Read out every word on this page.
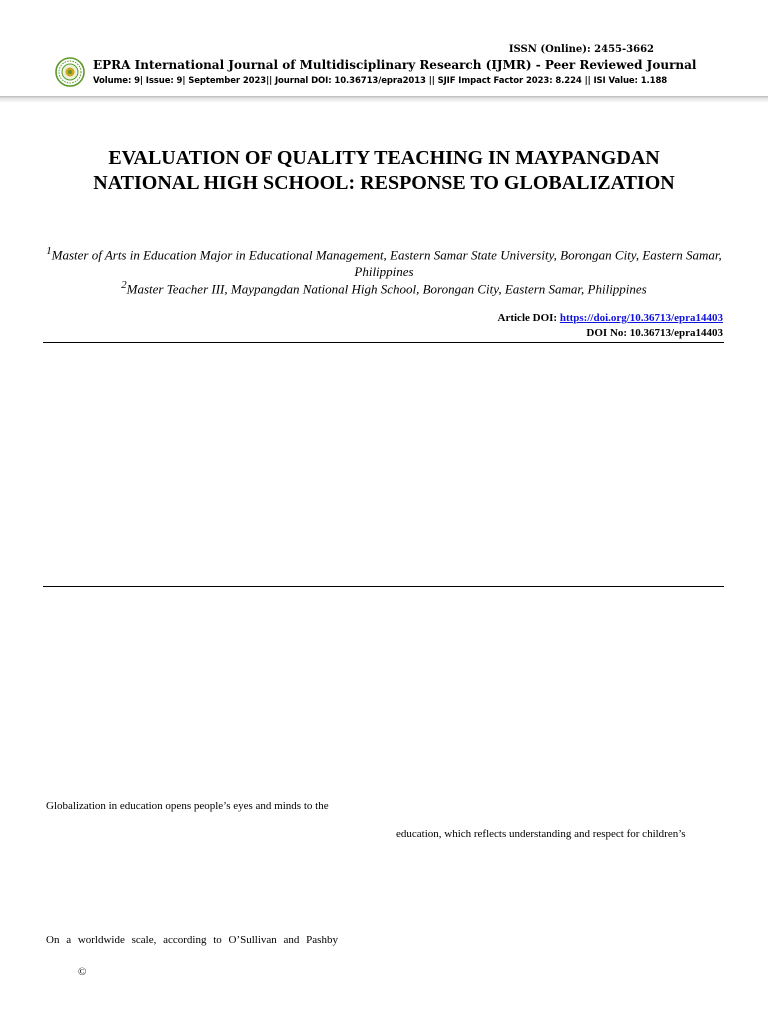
ISSN (Online): 2455-3662
EPRA International Journal of Multidisciplinary Research (IJMR) - Peer Reviewed Journal
Volume: 9| Issue: 9| September 2023|| Journal DOI: 10.36713/epra2013 || SJIF Impact Factor 2023: 8.224 || ISI Value: 1.188
EVALUATION OF QUALITY TEACHING IN MAYPANGDAN
NATIONAL HIGH SCHOOL: RESPONSE TO GLOBALIZATION
$^1$Master of Arts in Education Major in Educational Management, Eastern Samar State University, Borongan City, Eastern Samar, Philippines
$^2$Master Teacher III, Maypangdan National High School, Borongan City, Eastern Samar, Philippines
Article DOI: https://doi.org/10.36713/epra14403
DOI No: 10.36713/epra14403
Globalization in education opens people’s eyes and minds to the
education, which reflects understanding and respect for children’s
On a worldwide scale, according to O’Sullivan and Pashby
©
